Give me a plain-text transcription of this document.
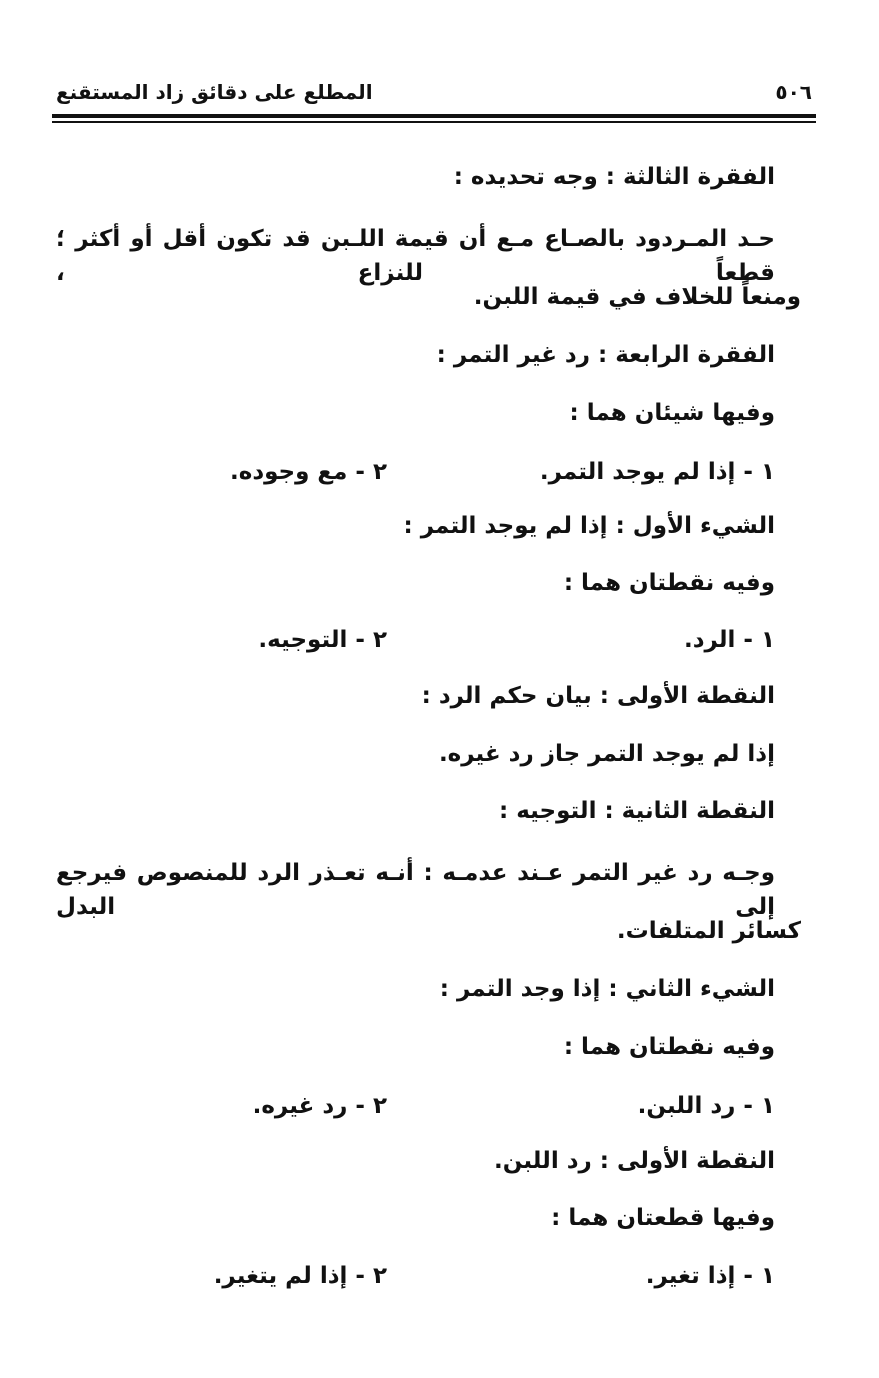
٥٠٦
المطلع على دقائق زاد المستقنع
الفقرة الثالثة : وجه تحديده :
حـد المـردود بالصـاع مـع أن قيمة اللـبن قد تكون أقل أو أكثر ؛ قطعاً للنزاع ،
ومنعاً للخلاف في قيمة اللبن.
الفقرة الرابعة : رد غير التمر :
وفيها شيئان هما :
١ - إذا لم يوجد التمر.
٢ - مع وجوده.
الشيء الأول : إذا لم يوجد التمر :
وفيه نقطتان هما :
١ - الرد.
٢ - التوجيه.
النقطة الأولى : بيان حكم الرد :
إذا لم يوجد التمر جاز رد غيره.
النقطة الثانية : التوجيه :
وجـه رد غير التمر عـند عدمـه : أنـه تعـذر الرد للمنصوص فيرجع إلى البدل
كسائر المتلفات.
الشيء الثاني : إذا وجد التمر :
وفيه نقطتان هما :
١ - رد اللبن.
٢ - رد غيره.
النقطة الأولى : رد اللبن.
وفيها قطعتان هما :
١ - إذا تغير.
٢ - إذا لم يتغير.
